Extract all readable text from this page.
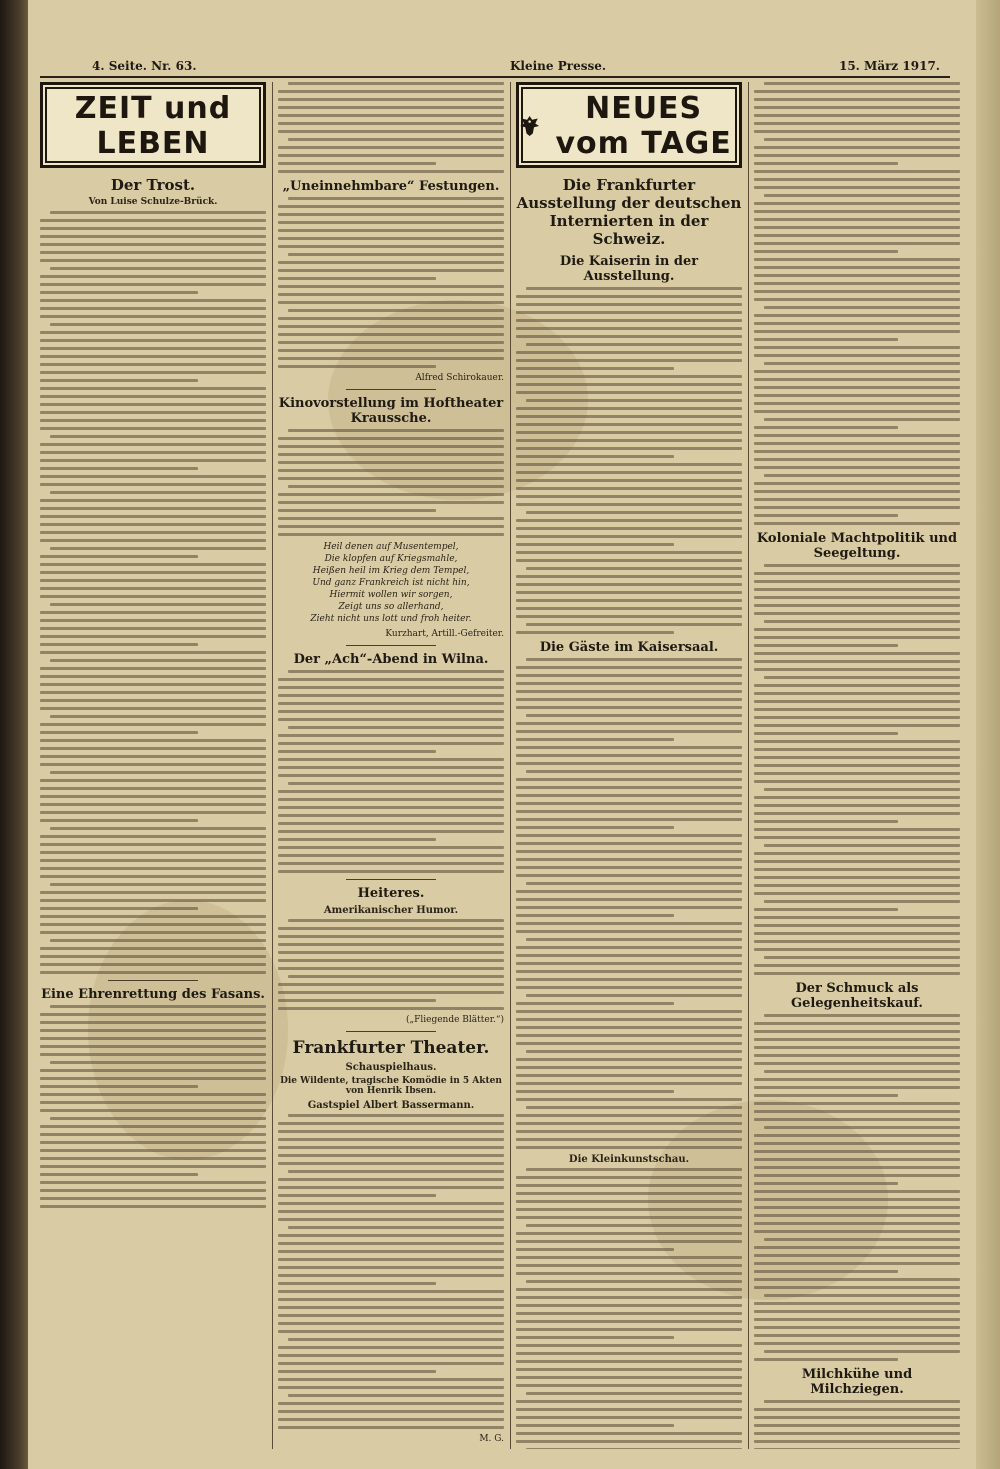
4. Seite. Nr. 63.	Kleine Presse.	15. März 1917.
ZEIT und LEBEN
Der Trost.
Von Luise Schulze-Brück.
Eine Ehrenrettung des Fasans.
„Uneinnehmbare“ Festungen.
Alfred Schirokauer.
Kinovorstellung im Hoftheater Kraussche.
Heil denen auf Musentempel,
Die klopfen auf Kriegsmahle,
Heißen heil im Krieg dem Tempel,
Und ganz Frankreich ist nicht hin,
Hiermit wollen wir sorgen,
Zeigt uns so allerhand,
Zieht nicht uns lott und froh heiter.
Kurzhart, Artill.-Gefreiter.
Der „Ach“-Abend in Wilna.
Heiteres.
Amerikanischer Humor.
(„Fliegende Blätter.“)
Frankfurter Theater.
Schauspielhaus.
Die Wildente, tragische Komödie in 5 Akten von Henrik Ibsen.
Gastspiel Albert Bassermann.
M. G.
NEUES vom TAGE
Die Frankfurter Ausstellung der deutschen Internierten in der Schweiz.
Die Kaiserin in der Ausstellung.
Die Gäste im Kaisersaal.
Die Kleinkunstschau.
Koloniale Machtpolitik und Seegeltung.
Der Schmuck als Gelegenheitskauf.
Milchkühe und Milchziegen.
